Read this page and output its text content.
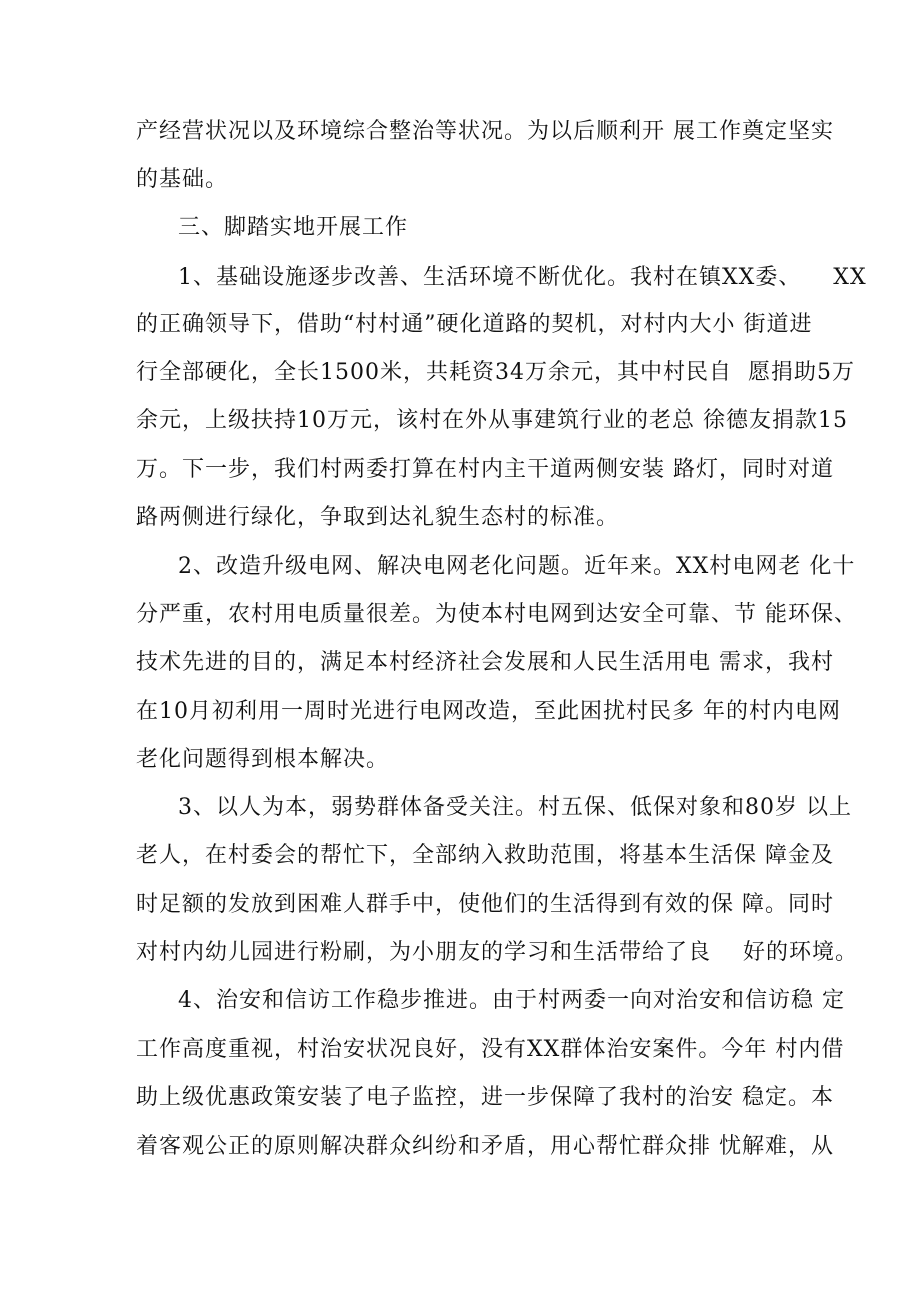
产经营状况以及环境综合整治等状况。为以后顺利开 展工作奠定坚实
的基础。
三、脚踏实地开展工作
1、基础设施逐步改善、生活环境不断优化。我村在镇XX委、    XX
的正确领导下，借助“村村通”硬化道路的契机，对村内大小 街道进
行全部硬化，全长1500米，共耗资34万余元，其中村民自  愿捐助5万
余元，上级扶持10万元，该村在外从事建筑行业的老总 徐德友捐款15
万。下一步，我们村两委打算在村内主干道两侧安装 路灯，同时对道
路两侧进行绿化，争取到达礼貌生态村的标准。
2、改造升级电网、解决电网老化问题。近年来。XX村电网老 化十
分严重，农村用电质量很差。为使本村电网到达安全可靠、节 能环保、
技术先进的目的，满足本村经济社会发展和人民生活用电 需求，我村
在10月初利用一周时光进行电网改造，至此困扰村民多 年的村内电网
老化问题得到根本解决。
3、以人为本，弱势群体备受关注。村五保、低保对象和80岁 以上
老人，在村委会的帮忙下，全部纳入救助范围，将基本生活保 障金及
时足额的发放到困难人群手中，使他们的生活得到有效的保 障。同时
对村内幼儿园进行粉刷，为小朋友的学习和生活带给了良    好的环境。
4、治安和信访工作稳步推进。由于村两委一向对治安和信访稳 定
工作高度重视，村治安状况良好，没有XX群体治安案件。今年 村内借
助上级优惠政策安装了电子监控，进一步保障了我村的治安 稳定。本
着客观公正的原则解决群众纠纷和矛盾，用心帮忙群众排 忧解难，从
